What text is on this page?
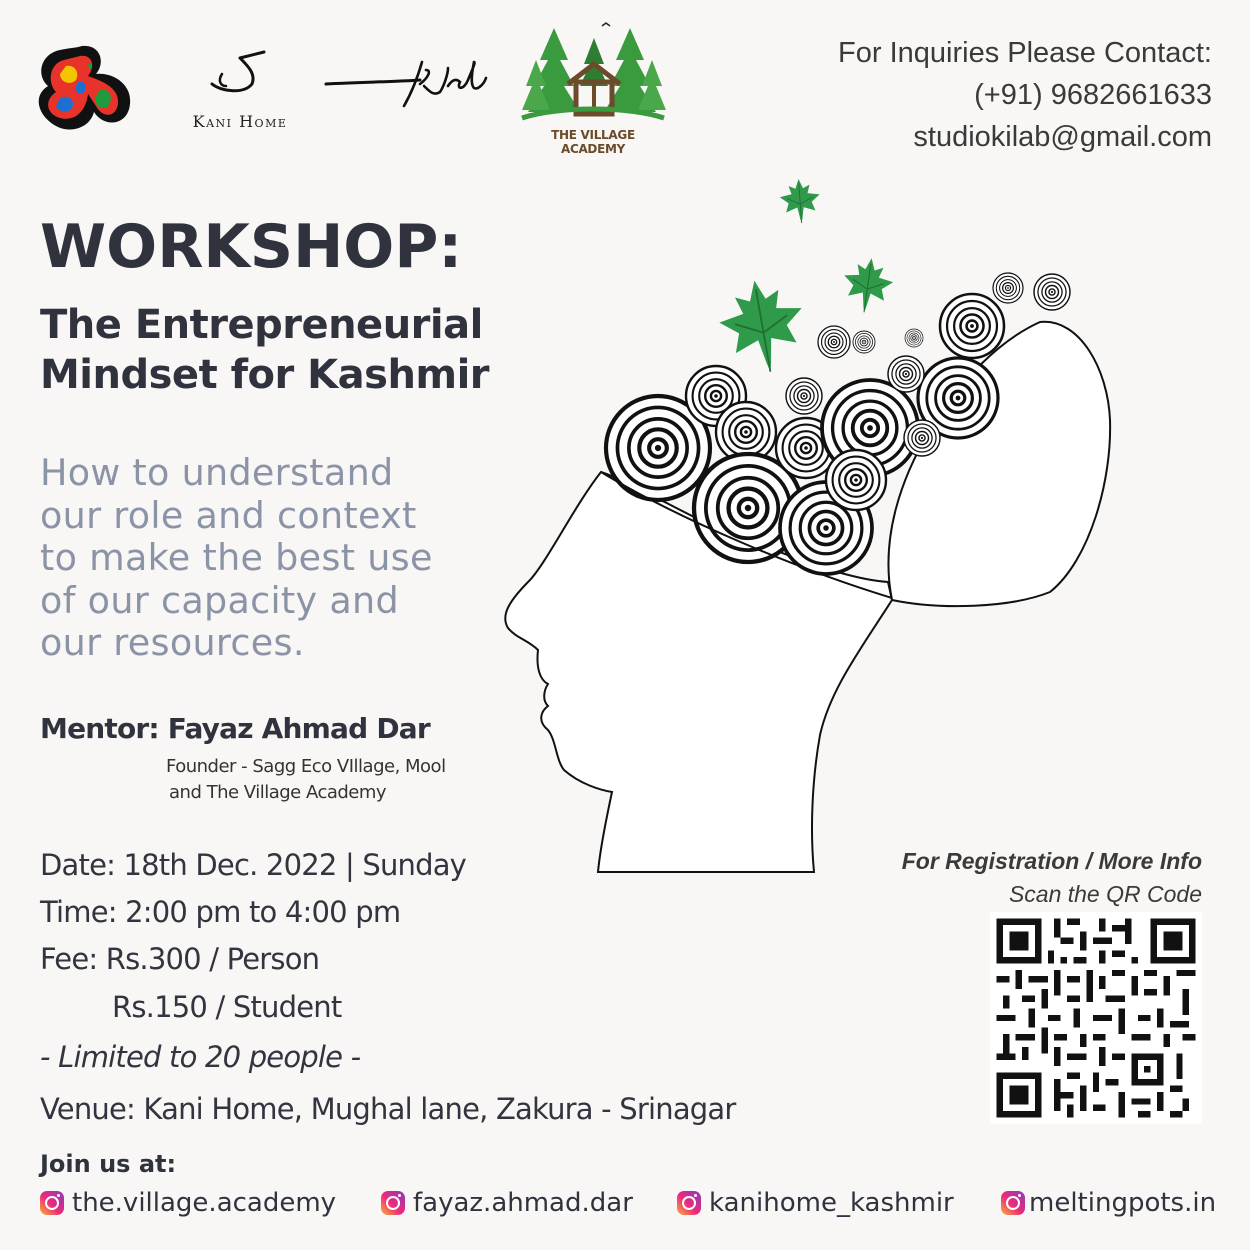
Kani Home
THE VILLAGE ACADEMY
For Inquiries Please Contact:
(+91) 9682661633
studiokilab@gmail.com
WORKSHOP:
The Entrepreneurial
Mindset for Kashmir
How to understand
our role and context
to make the best use
of our capacity and
our resources.
Mentor: Fayaz Ahmad Dar
Founder - Sagg Eco VIllage, Mool
and The Village Academy
Date: 18th Dec. 2022 | Sunday
Time: 2:00 pm to 4:00 pm
Fee: Rs.300 / Person
Rs.150 / Student
- Limited to 20 people -
Venue: Kani Home, Mughal lane, Zakura - Srinagar
For Registration / More Info
Scan the QR Code
Join us at:
the.village.academy	fayaz.ahmad.dar	kanihome_kashmir	meltingpots.in
